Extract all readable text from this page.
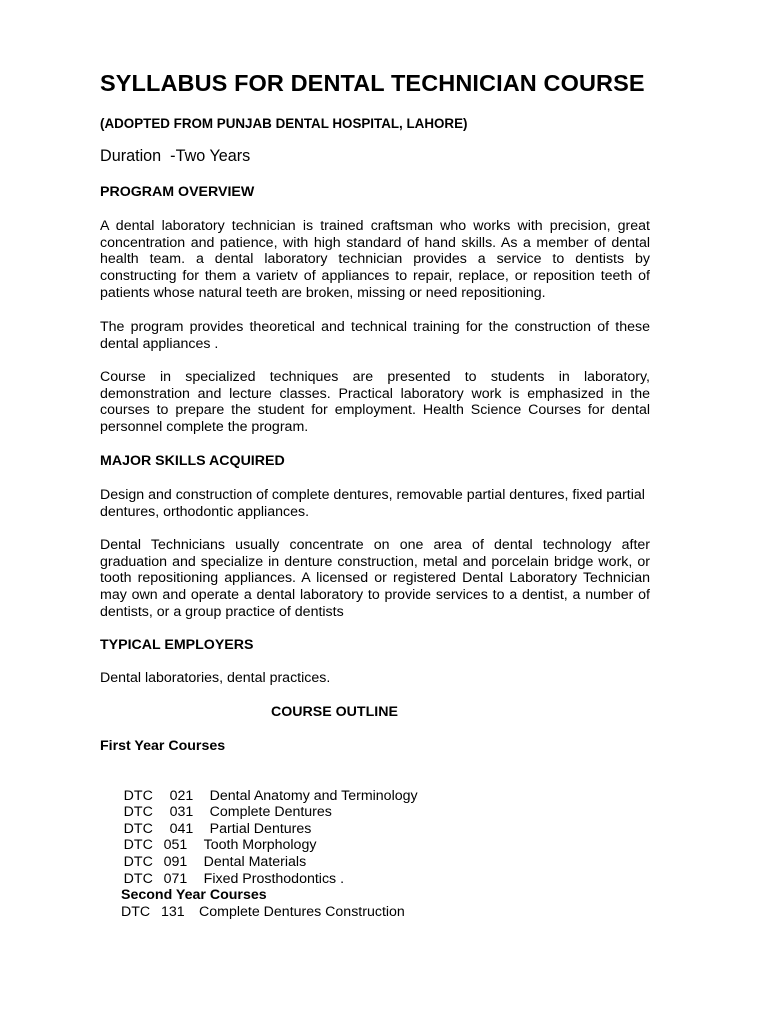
SYLLABUS FOR DENTAL TECHNICIAN COURSE

(ADOPTED FROM PUNJAB DENTAL HOSPITAL, LAHORE)

Duration  -Two Years

PROGRAM OVERVIEW

A dental laboratory technician is trained craftsman who works with precision, great concentration and patience, with high standard of hand skills. As a member of dental health team. a dental laboratory technician provides a service to dentists by constructing for them a varietv of appliances to repair, replace, or reposition teeth of patients whose natural teeth are broken, missing or need repositioning.

The program provides theoretical and technical training for the construction of these dental appliances .

Course in specialized techniques are presented to students in laboratory, demonstration and lecture classes. Practical laboratory work is emphasized in the courses to prepare the student for employment. Health Science Courses for dental personnel complete the program.

MAJOR SKILLS ACQUIRED

Design and construction of complete dentures, removable partial dentures, fixed partial dentures, orthodontic appliances.

Dental Technicians usually concentrate on one area of dental technology after graduation and specialize in denture construction, metal and porcelain bridge work, or tooth repositioning appliances. A licensed or registered Dental Laboratory Technician may own and operate a dental laboratory to provide services to a dentist, a number of dentists, or a group practice of dentists

TYPICAL EMPLOYERS

Dental laboratories, dental practices.

COURSE OUTLINE
First Year Courses

DTC 021 Dental Anatomy and Terminology

DTC 031 Complete Dentures

DTC 041 Partial Dentures

DTC 051 Tooth Morphology

DTC 091 Dental Materials

DTC 071 Fixed Prosthodontics .

Second Year Courses

DTC 131 Complete Dentures Construction
